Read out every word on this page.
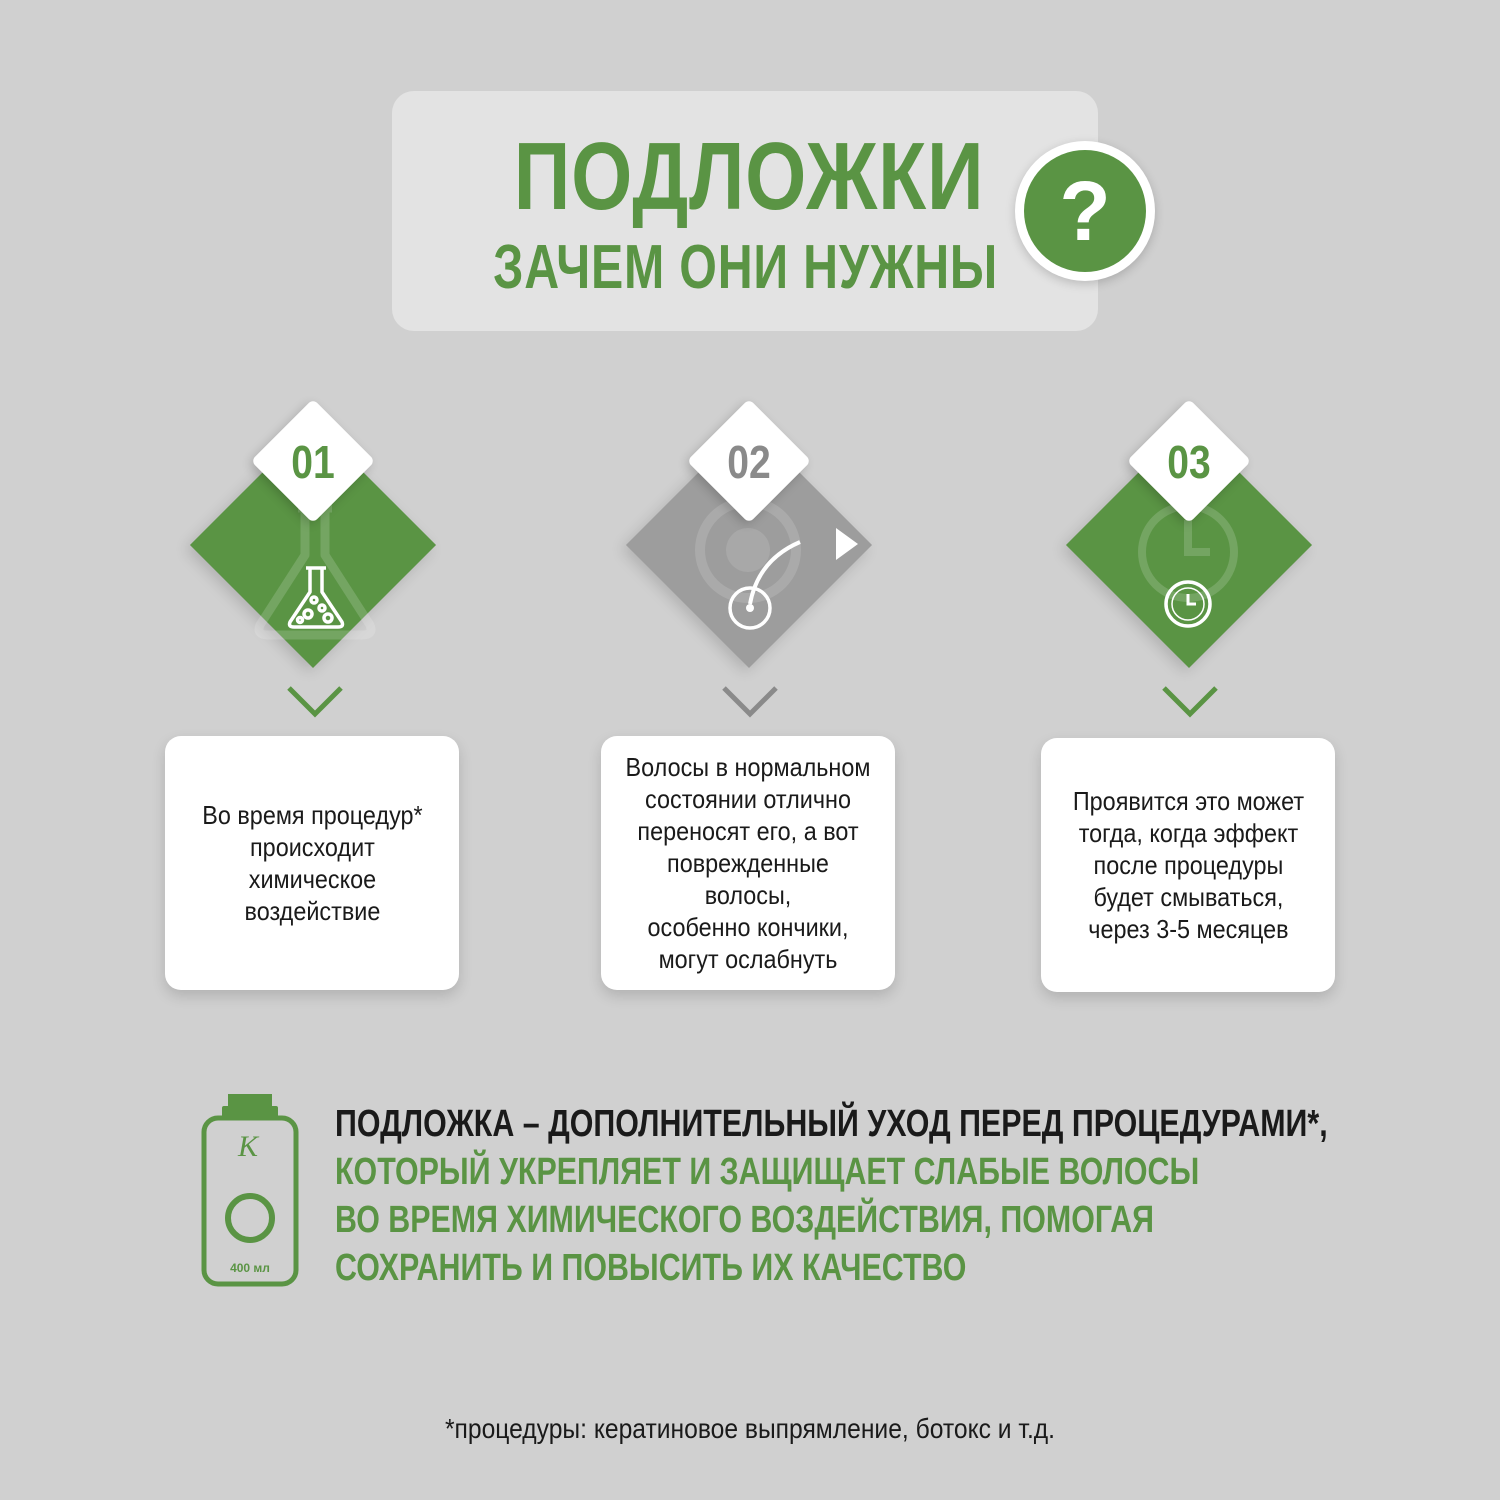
ПОДЛОЖКИ
ЗАЧЕМ ОНИ НУЖНЫ
?
01

Во время процедур*
происходит
химическое
воздействие

02

Волосы в нормальном
состоянии отлично
переносят его, а вот
поврежденные волосы,
особенно кончики,
могут ослабнуть

03

Проявится это может
тогда, когда эффект
после процедуры
будет смываться,
через 3-5 месяцев

K
400 мл

ПОДЛОЖКА – ДОПОЛНИТЕЛЬНЫЙ УХОД ПЕРЕД ПРОЦЕДУРАМИ*,
КОТОРЫЙ УКРЕПЛЯЕТ И ЗАЩИЩАЕТ СЛАБЫЕ ВОЛОСЫ
ВО ВРЕМЯ ХИМИЧЕСКОГО ВОЗДЕЙСТВИЯ, ПОМОГАЯ
СОХРАНИТЬ И ПОВЫСИТЬ ИХ КАЧЕСТВО

*процедуры: кератиновое выпрямление, ботокс и т.д.
